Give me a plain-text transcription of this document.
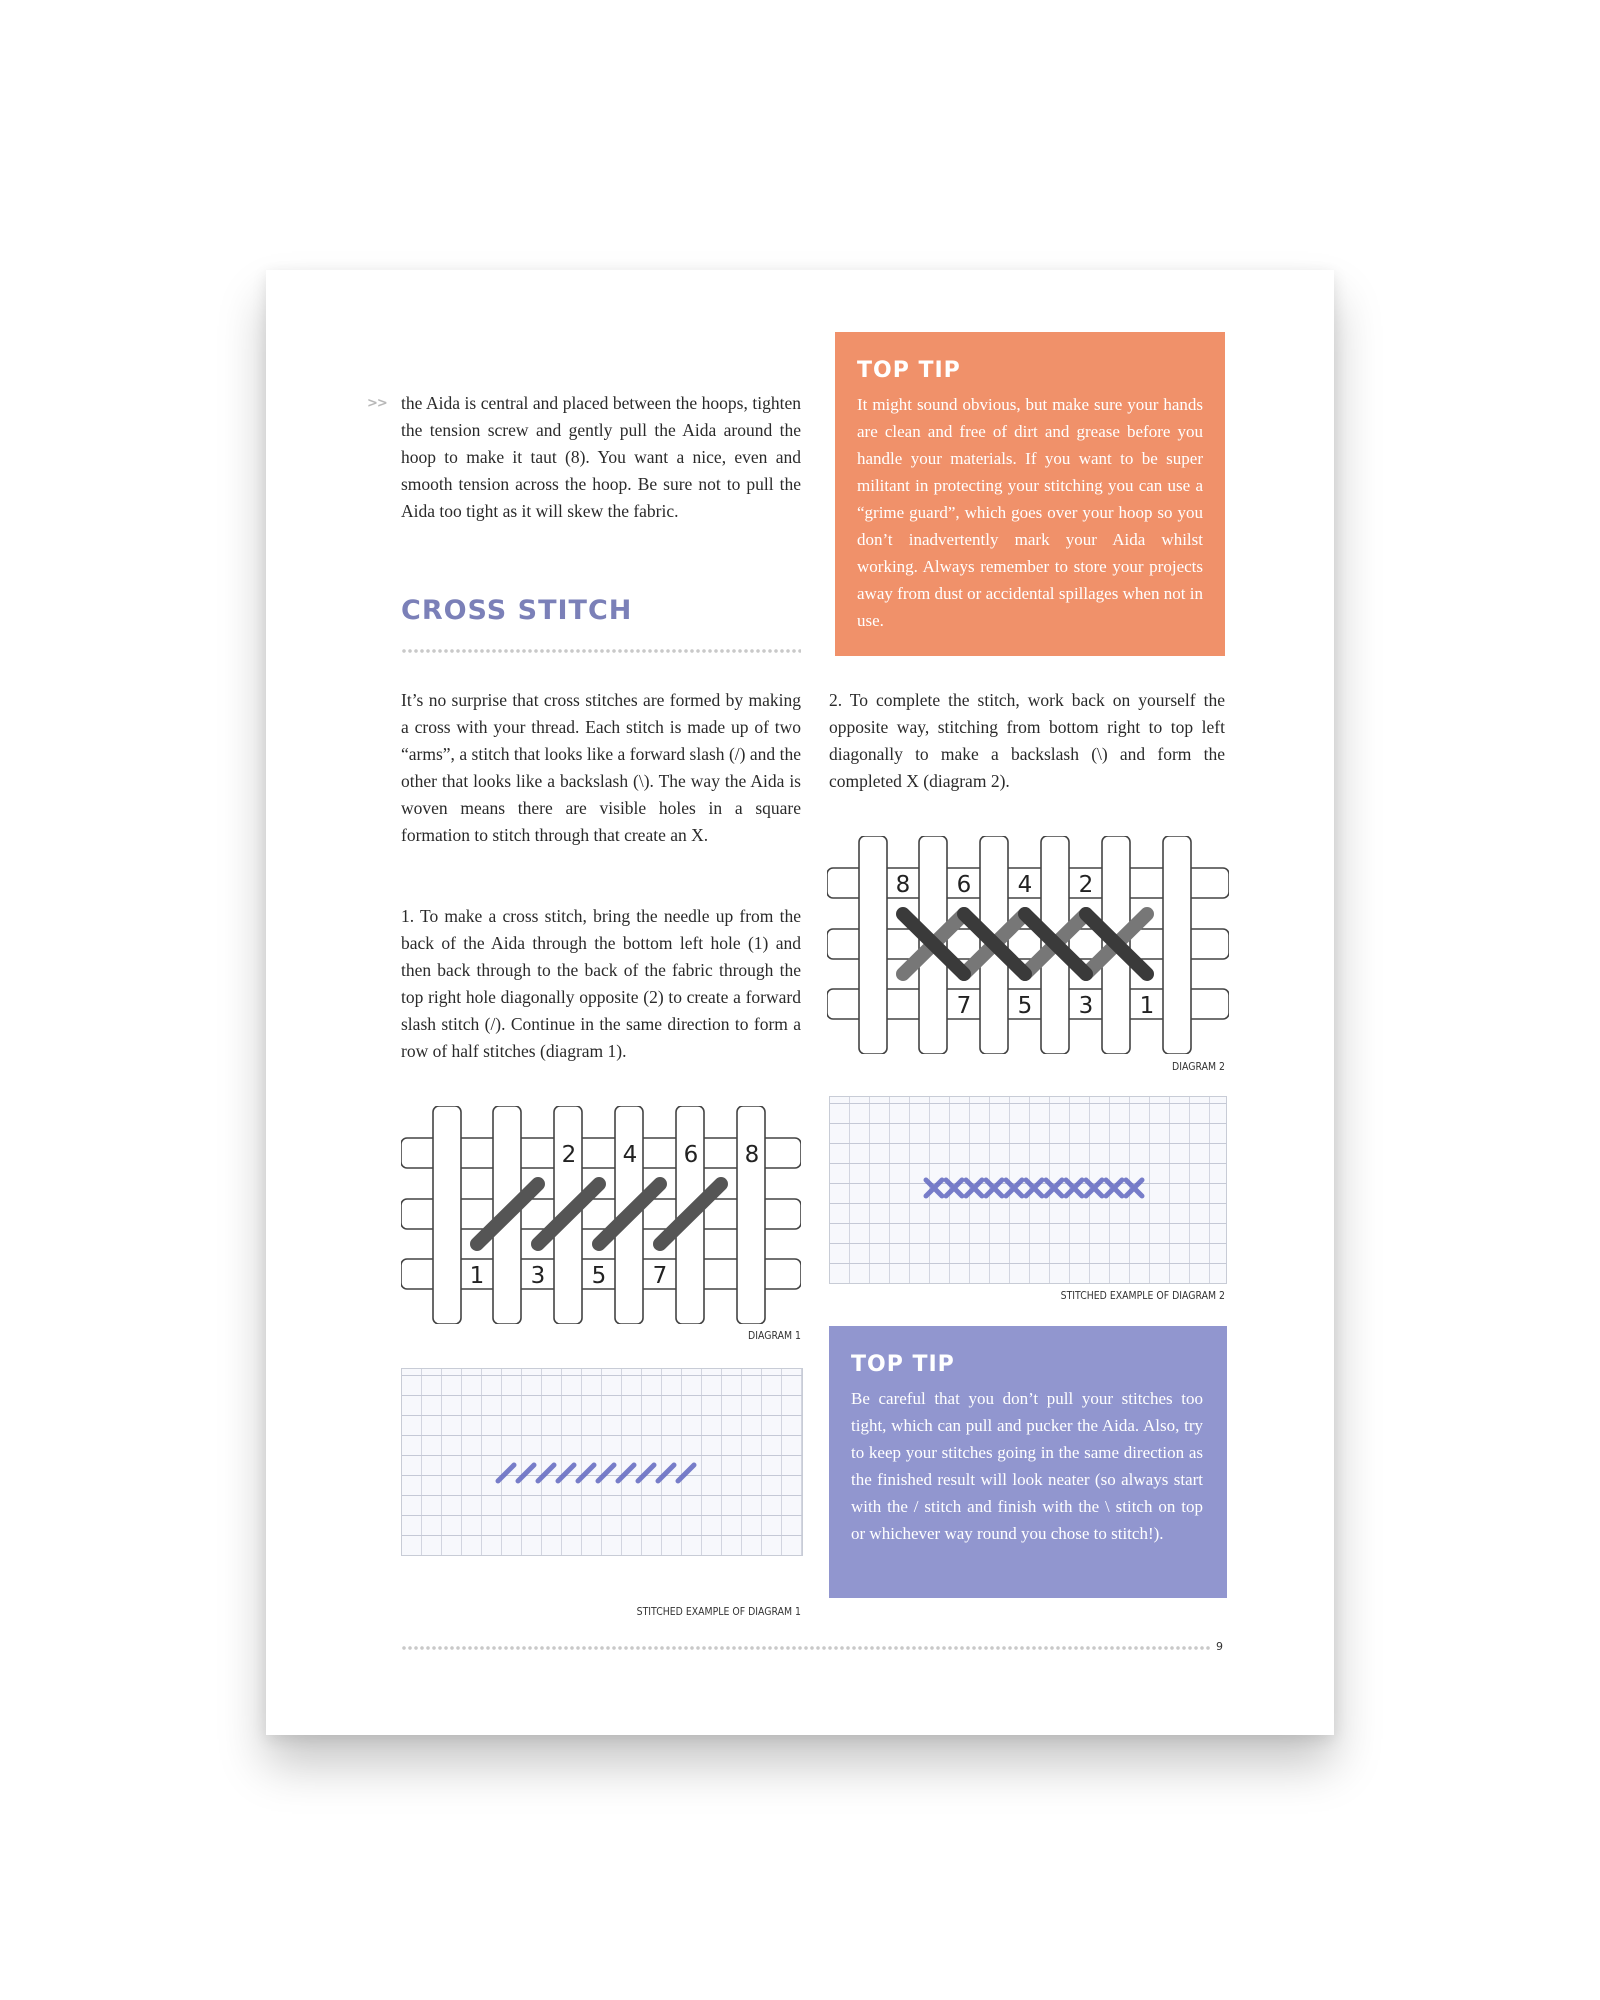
>> the Aida is central and placed between the hoops, tighten the tension screw and gently pull the Aida around the hoop to make it taut (8). You want a nice, even and smooth tension across the hoop. Be sure not to pull the Aida too tight as it will skew the fabric.

TOP TIP

It might sound obvious, but make sure your hands are clean and free of dirt and grease before you handle your materials. If you want to be super militant in protecting your stitching you can use a “grime guard”, which goes over your hoop so you don’t inadvertently mark your Aida whilst working. Always remember to store your projects away from dust or accidental spillages when not in use.

CROSS STITCH

It’s no surprise that cross stitches are formed by making a cross with your thread. Each stitch is made up of two “arms”, a stitch that looks like a forward slash (/) and the other that looks like a backslash (\). The way the Aida is woven means there are visible holes in a square formation to stitch through that create an X.

1. To make a cross stitch, bring the needle up from the back of the Aida through the bottom left hole (1) and then back through to the back of the fabric through the top right hole diagonally opposite (2) to create a forward slash stitch (/). Continue in the same direction to form a row of half stitches (diagram 1).

2. To complete the stitch, work back on yourself the opposite way, stitching from bottom right to top left diagonally to make a backslash (\) and form the completed X (diagram 2).

8 6 4 2
7 5 3 1
DIAGRAM 2
STITCHED EXAMPLE OF DIAGRAM 2
2 4 6 8
1 3 5 7
DIAGRAM 1
STITCHED EXAMPLE OF DIAGRAM 1
TOP TIP

Be careful that you don’t pull your stitches too tight, which can pull and pucker the Aida. Also, try to keep your stitches going in the same direction as the finished result will look neater (so always start with the / stitch and finish with the \ stitch on top or whichever way round you chose to stitch!).

9
